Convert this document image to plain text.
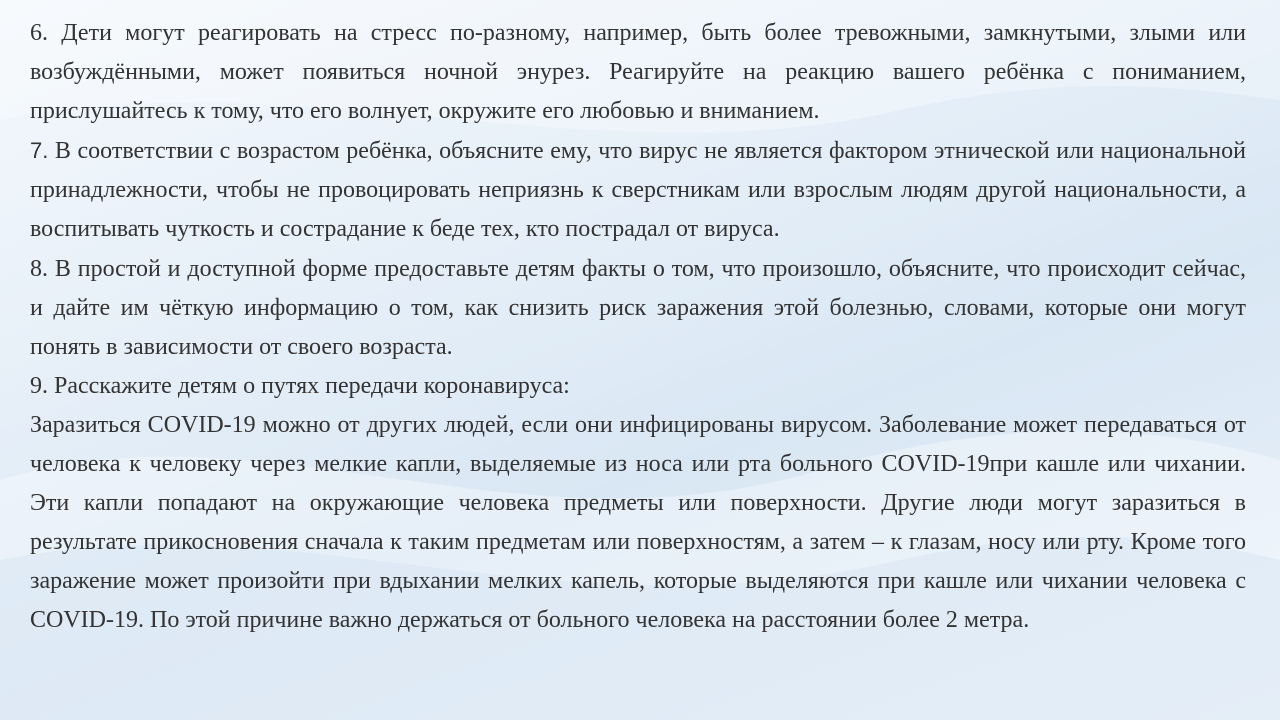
6. Дети могут реагировать на стресс по-разному, например, быть более тревожными, замкнутыми, злыми или возбуждёнными, может появиться ночной энурез. Реагируйте на реакцию вашего ребёнка с пониманием, прислушайтесь к тому, что его волнует, окружите его любовью и вниманием.

7. В соответствии с возрастом ребёнка, объясните ему, что вирус не является фактором этнической или национальной принадлежности, чтобы не провоцировать неприязнь к сверстникам или взрослым людям другой национальности, а воспитывать чуткость и сострадание к беде тех, кто пострадал от вируса.

8. В простой и доступной форме предоставьте детям факты о том, что произошло, объясните, что происходит сейчас, и дайте им чёткую информацию о том, как снизить риск заражения этой болезнью, словами, которые они могут понять в зависимости от своего возраста.

9. Расскажите детям о путях передачи коронавируса:

Заразиться COVID-19 можно от других людей, если они инфицированы вирусом. Заболевание может передаваться от человека к человеку через мелкие капли, выделяемые из носа или рта больного COVID-19при кашле или чихании. Эти капли попадают на окружающие человека предметы или поверхности. Другие люди могут заразиться в результате прикосновения сначала к таким предметам или поверхностям, а затем – к глазам, носу или рту. Кроме того заражение может произойти при вдыхании мелких капель, которые выделяются при кашле или чихании человека с COVID-19. По этой причине важно держаться от больного человека на расстоянии более 2 метра.
